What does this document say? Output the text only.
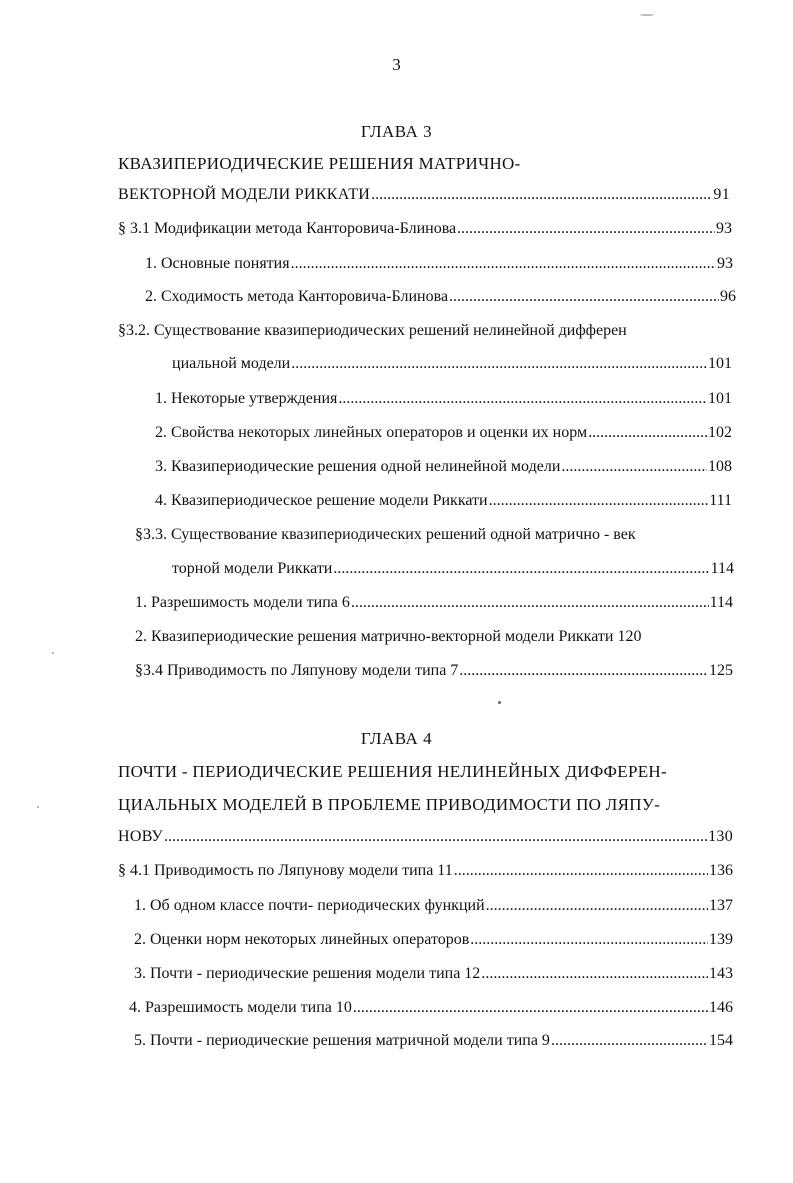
3
ГЛАВА 3
КВАЗИПЕРИОДИЧЕСКИЕ РЕШЕНИЯ МАТРИЧНО-
ВЕКТОРНОЙ МОДЕЛИ РИККАТИ .....	91
§ 3.1 Модификации метода Канторовича-Блинова .....	93
1. Основные понятия .....	93
2. Сходимость метода Канторовича-Блинова .....	96
§3.2. Существование квазипериодических решений нелинейной дифферен
циальной модели .....	101
1. Некоторые утверждения .....	101
2. Свойства некоторых линейных операторов и оценки их норм .....	102
3. Квазипериодические решения одной нелинейной модели .....	108
4. Квазипериодическое решение модели Риккати .....	111
§3.3. Существование квазипериодических решений одной матрично - век
торной модели Риккати .....	114
1. Разрешимость модели типа 6 .....	114
2. Квазипериодические решения матрично-векторной модели Риккати 120
§3.4 Приводимость по Ляпунову модели типа 7 .....	125
ГЛАВА 4
ПОЧТИ - ПЕРИОДИЧЕСКИЕ РЕШЕНИЯ НЕЛИНЕЙНЫХ ДИФФЕРЕН-
ЦИАЛЬНЫХ МОДЕЛЕЙ В ПРОБЛЕМЕ ПРИВОДИМОСТИ ПО ЛЯПУ-
НОВУ .....	130
§ 4.1 Приводимость по Ляпунову модели типа 11 .....	136
1. Об одном классе почти- периодических функций .....	137
2. Оценки норм некоторых линейных операторов .....	139
3. Почти - периодические решения модели типа 12 .....	143
4. Разрешимость модели типа 10 .....	146
5. Почти - периодические решения матричной модели типа 9 .....	154
